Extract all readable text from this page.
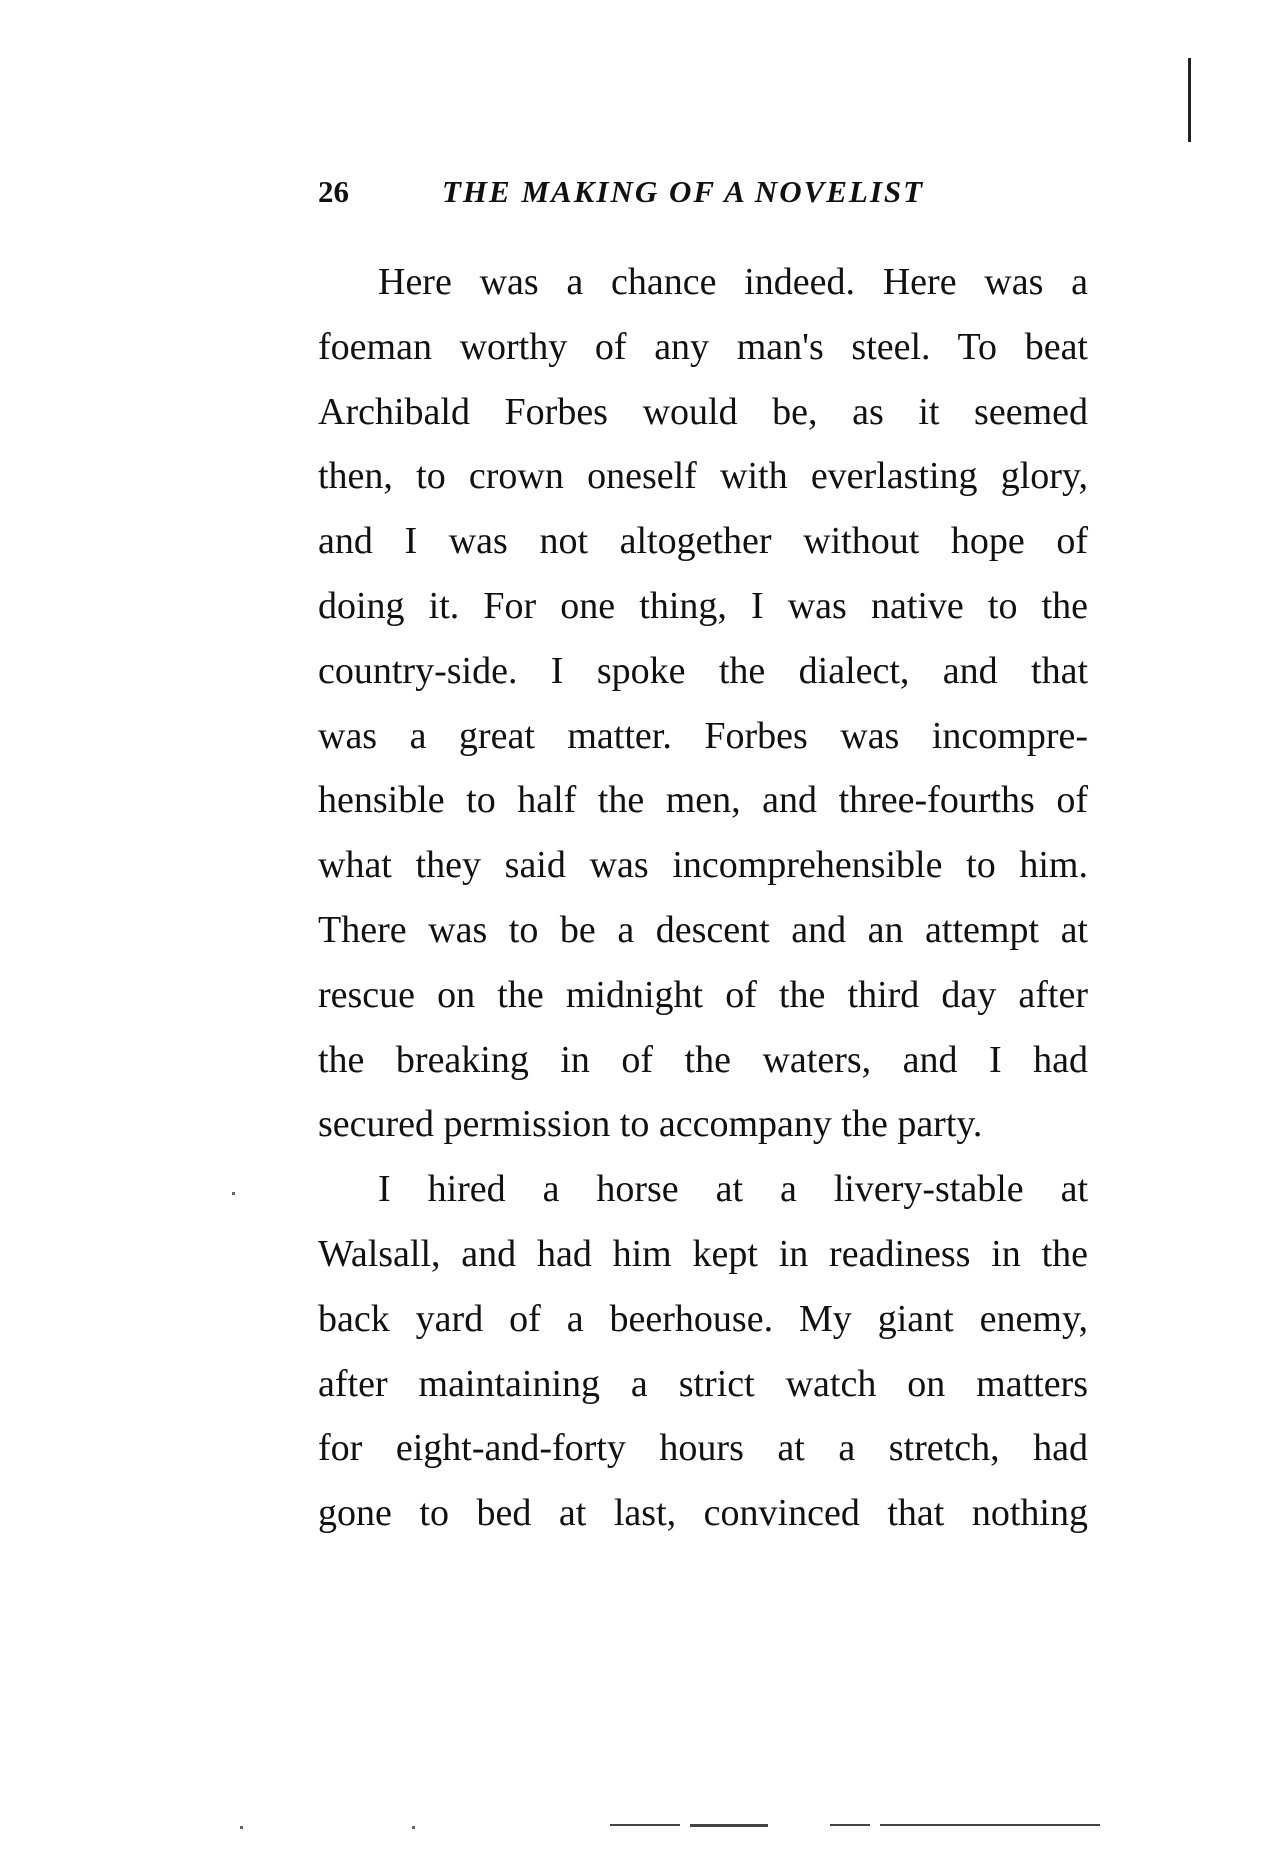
26	THE MAKING OF A NOVELIST
Here was a chance indeed. Here was a
foeman worthy of any man's steel. To beat
Archibald Forbes would be, as it seemed
then, to crown oneself with everlasting glory,
and I was not altogether without hope of
doing it. For one thing, I was native to the
country-side. I spoke the dialect, and that
was a great matter. Forbes was incompre-
hensible to half the men, and three-fourths of
what they said was incomprehensible to him.
There was to be a descent and an attempt at
rescue on the midnight of the third day after
the breaking in of the waters, and I had
secured permission to accompany the party.
I hired a horse at a livery-stable at
Walsall, and had him kept in readiness in the
back yard of a beerhouse. My giant enemy,
after maintaining a strict watch on matters
for eight-and-forty hours at a stretch, had
gone to bed at last, convinced that nothing
